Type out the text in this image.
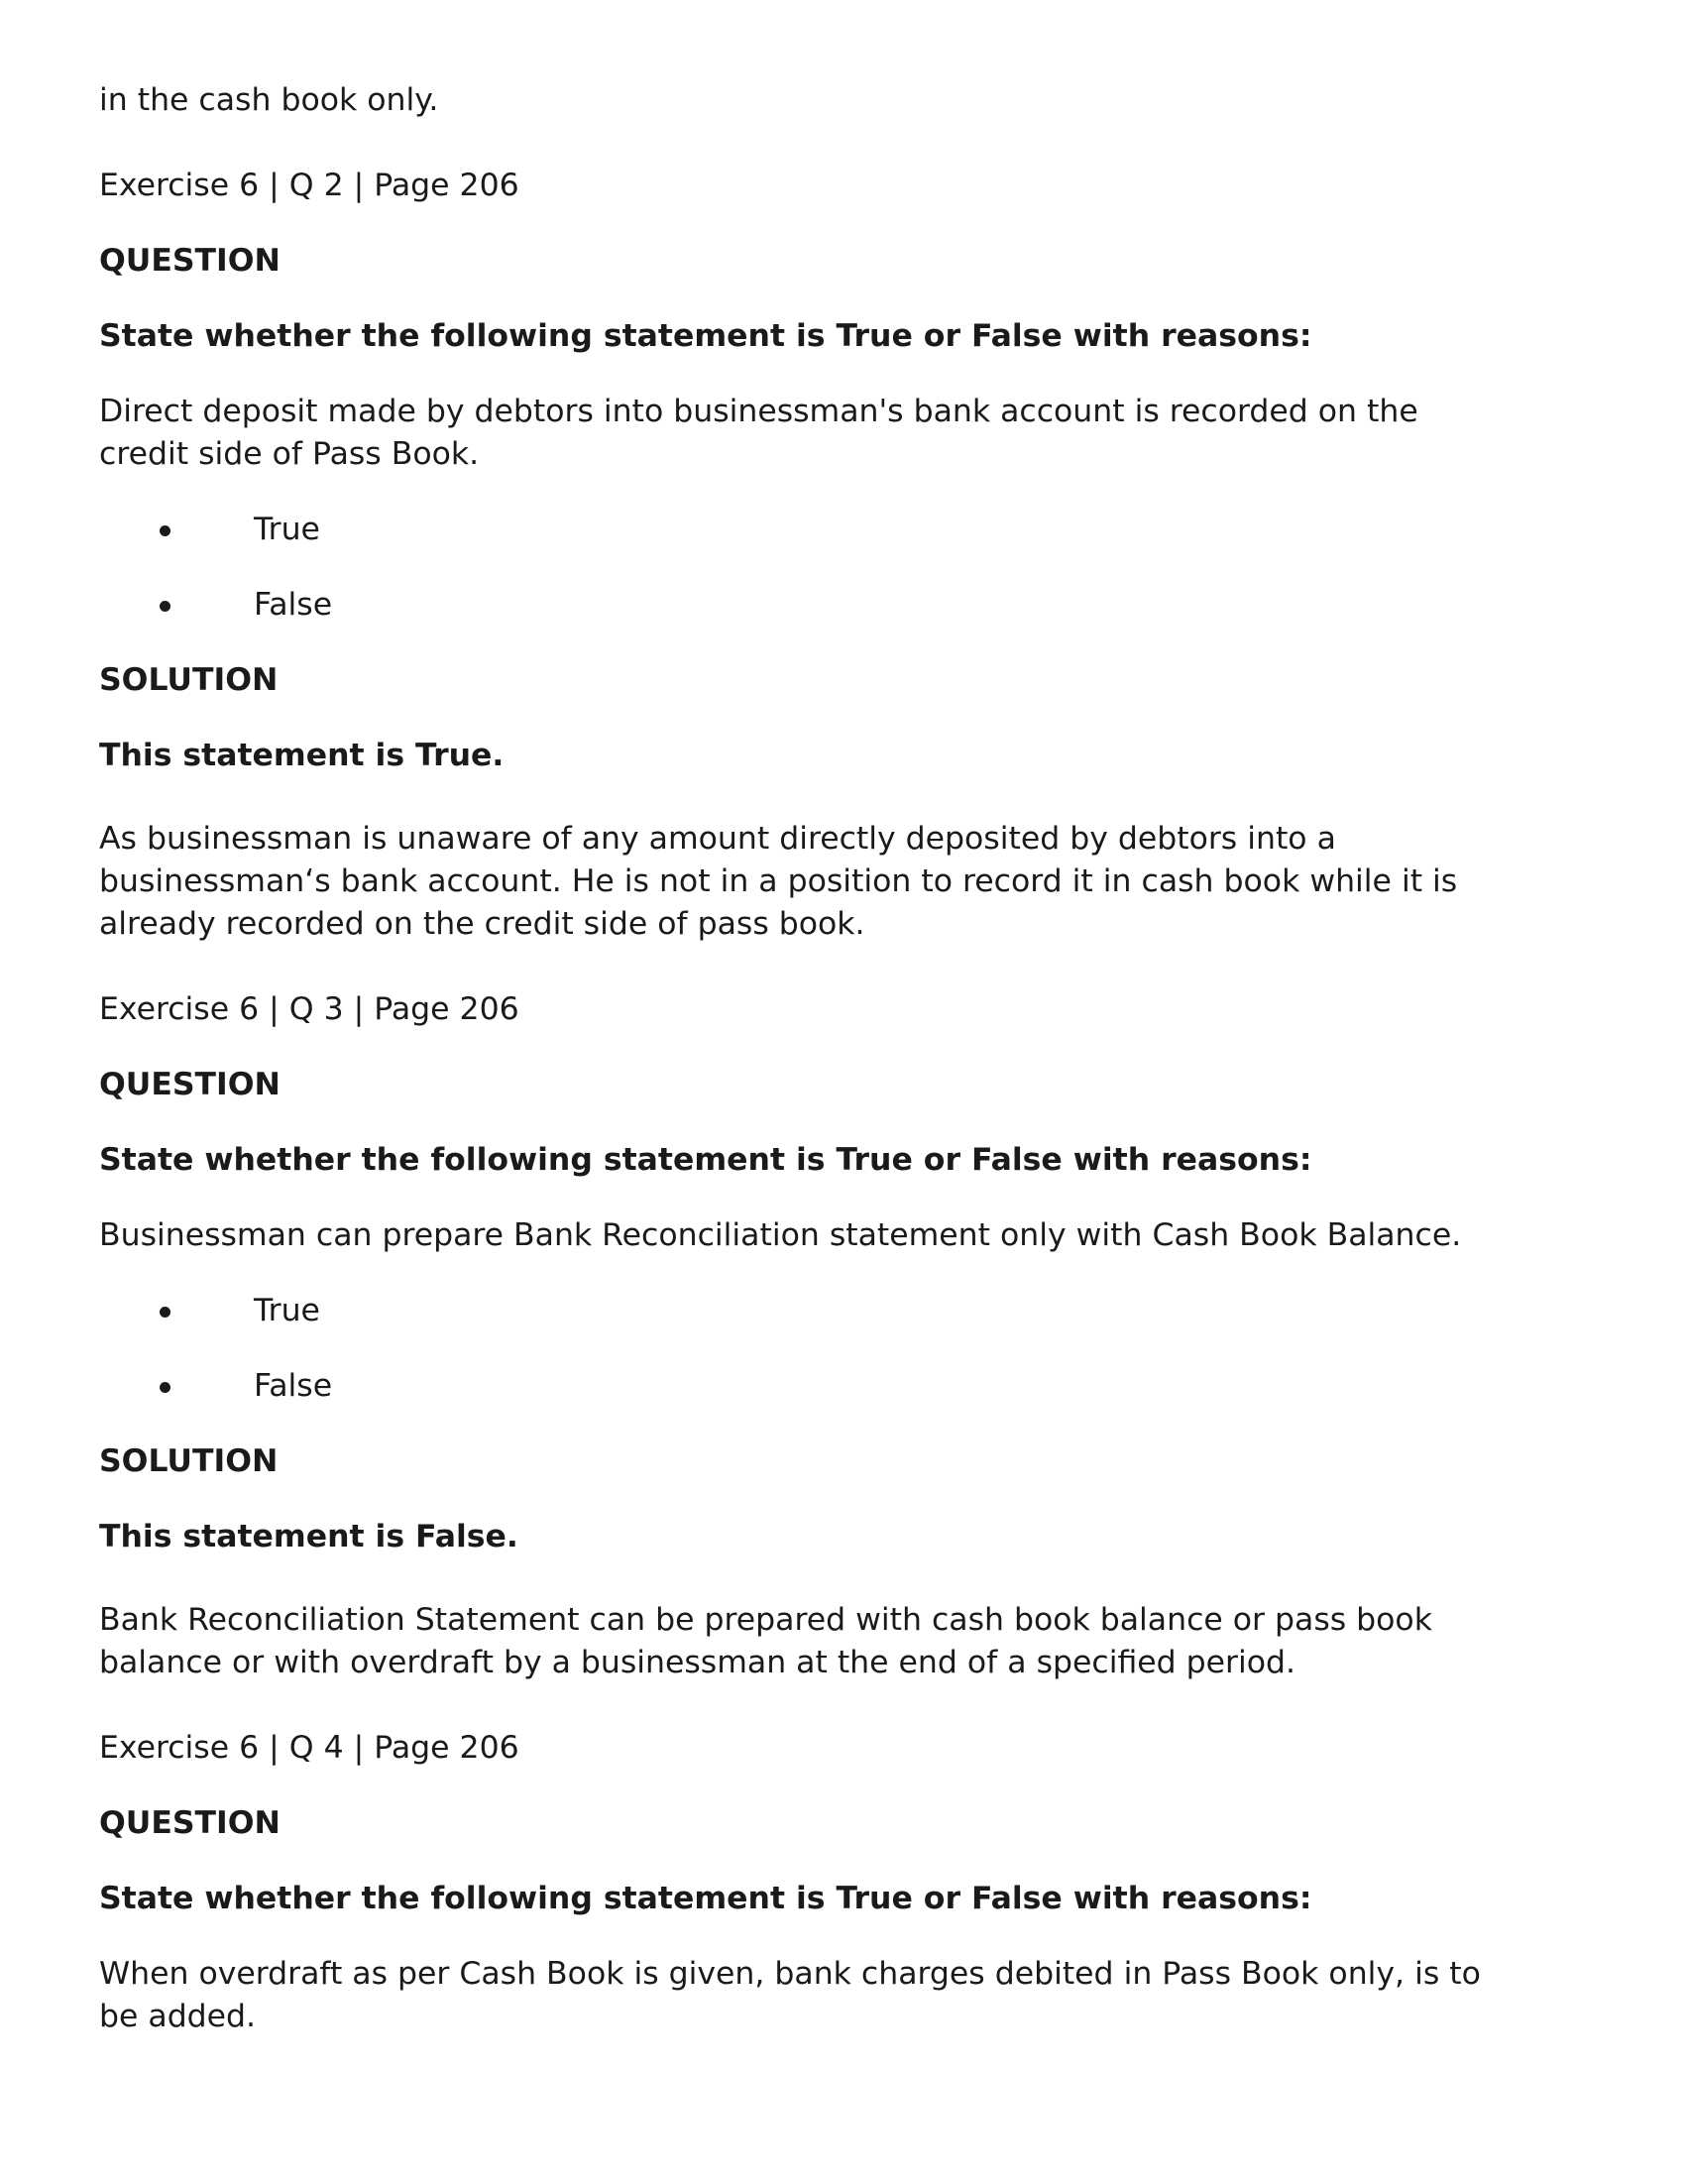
in the cash book only.
Exercise 6 | Q 2 | Page 206
QUESTION
State whether the following statement is True or False with reasons:
Direct deposit made by debtors into businessman's bank account is recorded on the
credit side of Pass Book.
True
False
SOLUTION
This statement is True.
As businessman is unaware of any amount directly deposited by debtors into a
businessman‘s bank account. He is not in a position to record it in cash book while it is
already recorded on the credit side of pass book.
Exercise 6 | Q 3 | Page 206
QUESTION
State whether the following statement is True or False with reasons:
Businessman can prepare Bank Reconciliation statement only with Cash Book Balance.
True
False
SOLUTION
This statement is False.
Bank Reconciliation Statement can be prepared with cash book balance or pass book
balance or with overdraft by a businessman at the end of a specified period.
Exercise 6 | Q 4 | Page 206
QUESTION
State whether the following statement is True or False with reasons:
When overdraft as per Cash Book is given, bank charges debited in Pass Book only, is to
be added.
